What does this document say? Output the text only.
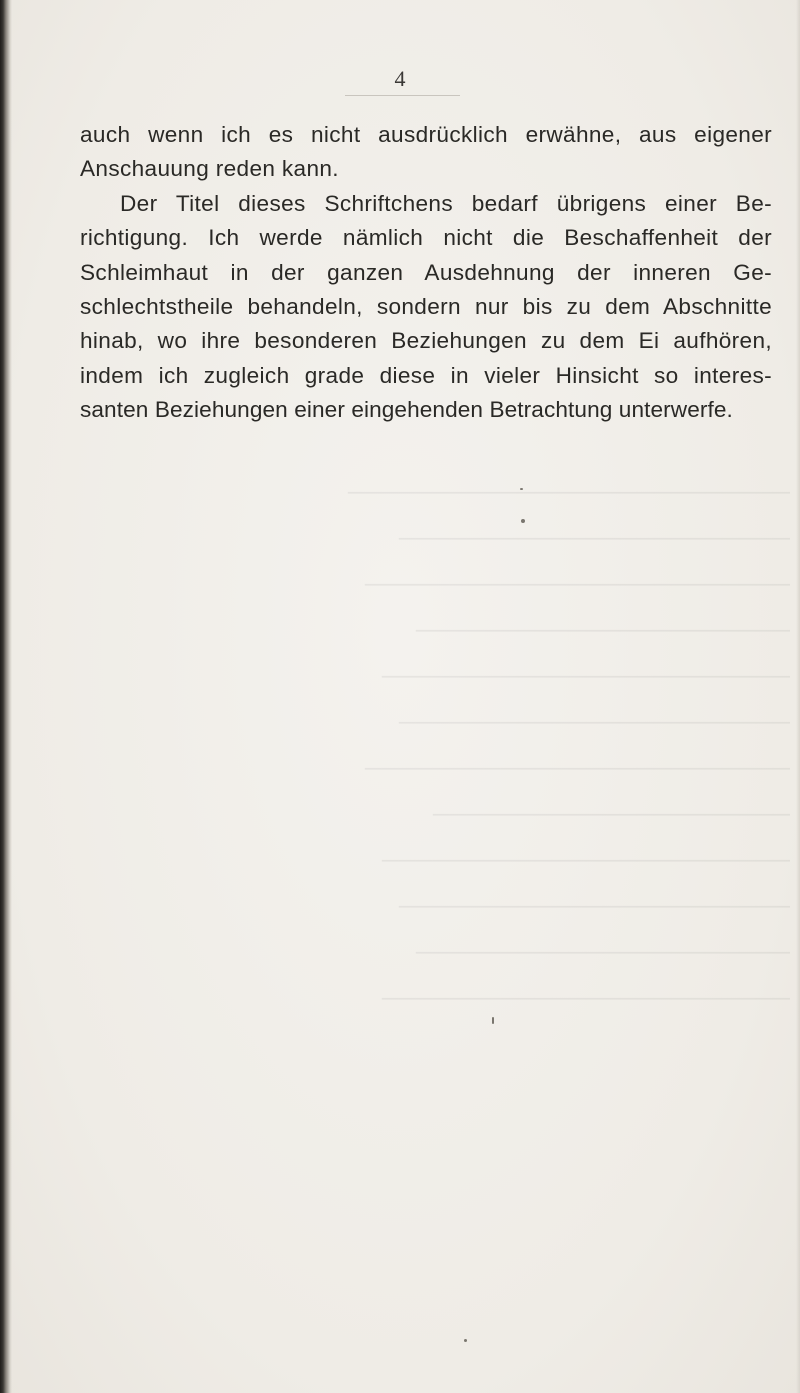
4
auch wenn ich es nicht ausdrücklich erwähne, aus eigener
Anschauung reden kann.
Der Titel dieses Schriftchens bedarf übrigens einer Be-
richtigung. Ich werde nämlich nicht die Beschaffenheit der
Schleimhaut in der ganzen Ausdehnung der inneren Ge-
schlechtstheile behandeln, sondern nur bis zu dem Abschnitte
hinab, wo ihre besonderen Beziehungen zu dem Ei aufhören,
indem ich zugleich grade diese in vieler Hinsicht so interes-
santen Beziehungen einer eingehenden Betrachtung unterwerfe.
──────────────────────────
───────────────────────
─────────────────────────
──────────────────────
────────────────────────
───────────────────────
─────────────────────────
─────────────────────
────────────────────────
───────────────────────
──────────────────────
────────────────────────
